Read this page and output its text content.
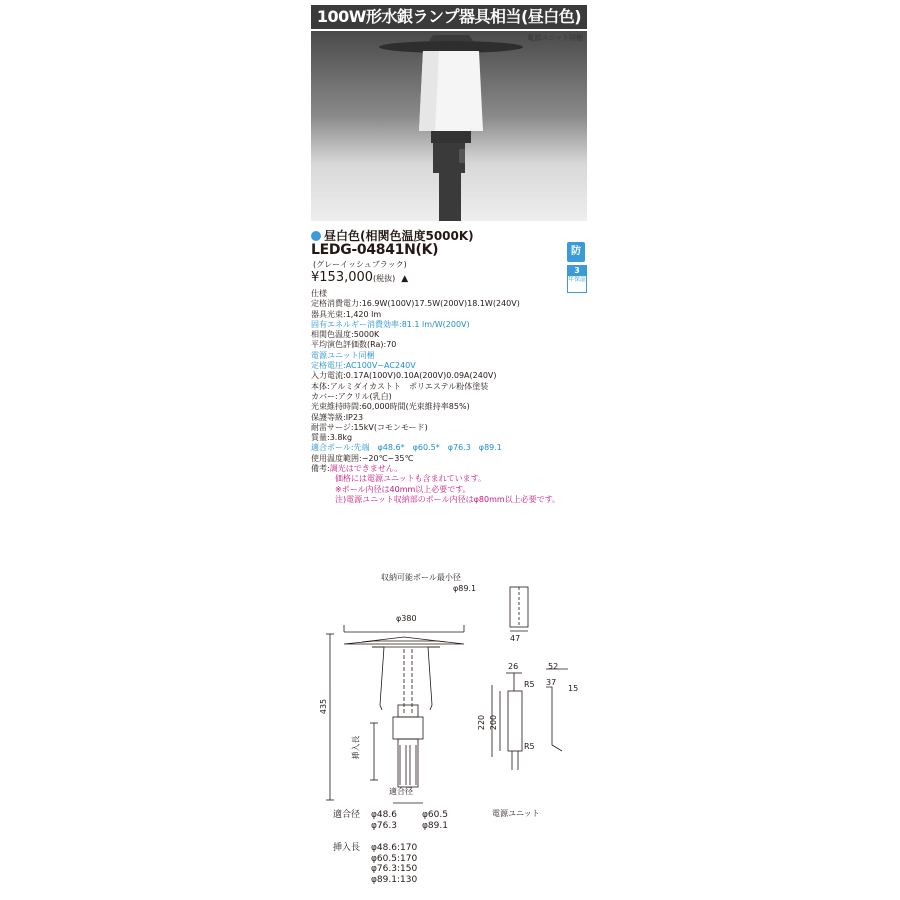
100W形水銀ランプ器具相当(昼白色)
電源ユニット同梱
昼白色(相関色温度5000K)
LEDG-04841N(K)
(グレーイッシュブラック)
¥153,000(税抜) ▲
防
3
年保証
仕様
定格消費電力:16.9W(100V)17.5W(200V)18.1W(240V)
器具光束:1,420 lm
固有エネルギー消費効率:81.1 lm/W(200V)
相関色温度:5000K
平均演色評価数(Ra):70
電源ユニット同梱
定格電圧:AC100V~AC240V
入力電流:0.17A(100V)0.10A(200V)0.09A(240V)
本体:アルミダイカストト　ポリエステル粉体塗装
カバー:アクリル(乳白)
光束維持時間:60,000時間(光束維持率85%)
保護等級:IP23
耐雷サージ:15kV(コモンモード)
質量:3.8kg
適合ポール:先端　φ48.6*　φ60.5*　φ76.3　φ89.1
使用温度範囲:−20℃~35℃
備考:調光はできません。
価格には電源ユニットも含まれています。
※ポール内径は40mm以上必要です。
注)電源ユニット収納部のポール内径はφ80mm以上必要です。
収納可能ポール最小径
φ89.1
φ380
435
47
挿入長
適合径
26	52
37
15
R5
R5
220 200
電源ユニット
適合径 φ48.6	φ60.5
φ76.3	φ89.1
挿入長 φ48.6:170
φ60.5:170
φ76.3:150
φ89.1:130
